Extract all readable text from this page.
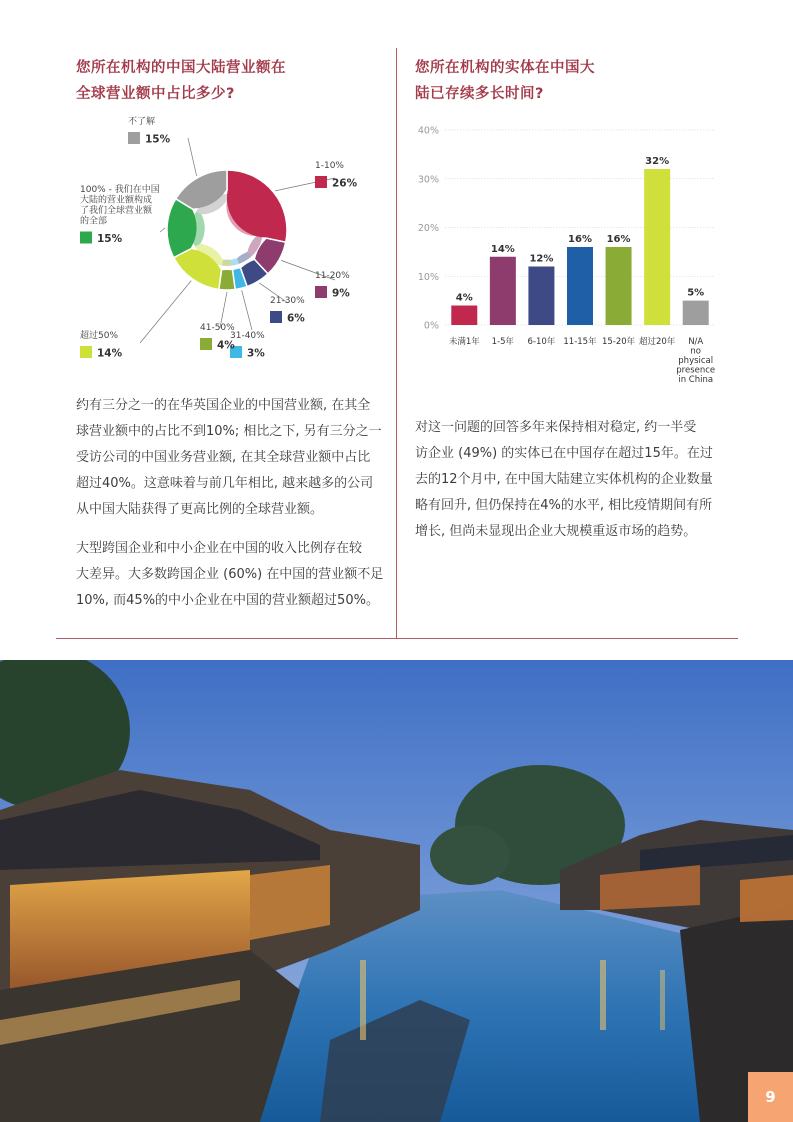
您所在机构的中国大陆营业额在
全球营业额中占比多少?
您所在机构的实体在中国大
陆已存续多长时间?
1-10%
26%
11-20%
9%
21-30%
6%
31-40%
3%
41-50%
4%
超过50%
14%
100% - 我们在中国
大陆的营业额构成
了我们全球营业额
的全部
15%
不了解
15%
0%
10%
20%
30%
40%
4%
未满1年
14%
1-5年
12%
6-10年
16%
11-15年
16%
15-20年
32%
超过20年
5%
N/A
no
physical
presence
in China
约有三分之一的在华英国企业的中国营业额, 在其全
球营业额中的占比不到10%; 相比之下, 另有三分之一
受访公司的中国业务营业额, 在其全球营业额中占比
超过40%。这意味着与前几年相比, 越来越多的公司
从中国大陆获得了更高比例的全球营业额。
大型跨国企业和中小企业在中国的收入比例存在较
大差异。大多数跨国企业 (60%) 在中国的营业额不足
10%, 而45%的中小企业在中国的营业额超过50%。
对这一问题的回答多年来保持相对稳定, 约一半受
访企业 (49%) 的实体已在中国存在超过15年。在过
去的12个月中, 在中国大陆建立实体机构的企业数量
略有回升, 但仍保持在4%的水平, 相比疫情期间有所
增长, 但尚未显现出企业大规模重返市场的趋势。
9
